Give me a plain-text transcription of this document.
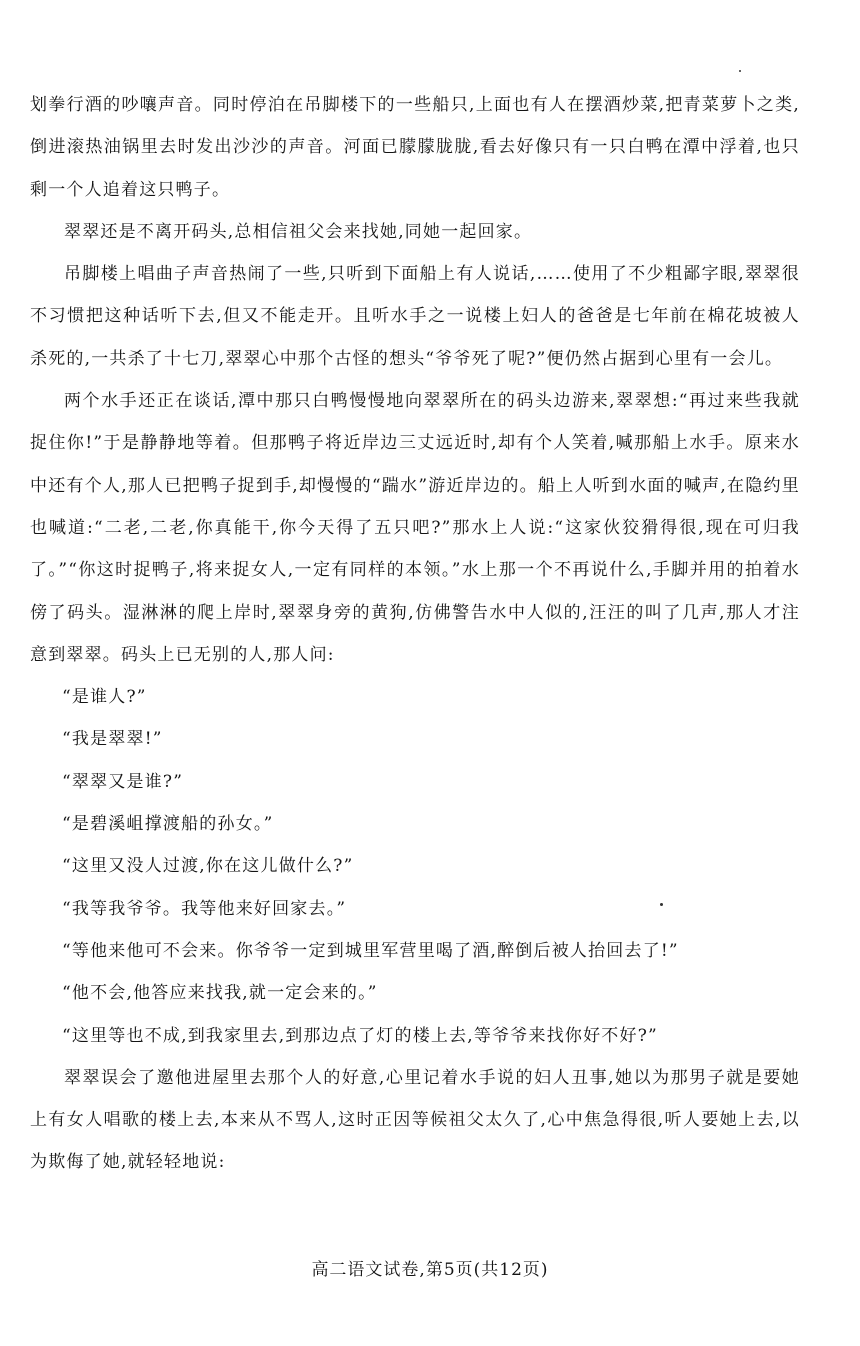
划拳行酒的吵嚷声音。同时停泊在吊脚楼下的一些船只,上面也有人在摆酒炒菜,把青菜萝卜之类,倒进滚热油锅里去时发出沙沙的声音。河面已朦朦胧胧,看去好像只有一只白鸭在潭中浮着,也只剩一个人追着这只鸭子。

翠翠还是不离开码头,总相信祖父会来找她,同她一起回家。

吊脚楼上唱曲子声音热闹了一些,只听到下面船上有人说话,……使用了不少粗鄙字眼,翠翠很不习惯把这种话听下去,但又不能走开。且听水手之一说楼上妇人的爸爸是七年前在棉花坡被人杀死的,一共杀了十七刀,翠翠心中那个古怪的想头“爷爷死了呢?”便仍然占据到心里有一会儿。

两个水手还正在谈话,潭中那只白鸭慢慢地向翠翠所在的码头边游来,翠翠想:“再过来些我就捉住你!”于是静静地等着。但那鸭子将近岸边三丈远近时,却有个人笑着,喊那船上水手。原来水中还有个人,那人已把鸭子捉到手,却慢慢的“踹水”游近岸边的。船上人听到水面的喊声,在隐约里也喊道:“二老,二老,你真能干,你今天得了五只吧?”那水上人说:“这家伙狡猾得很,现在可归我了。”“你这时捉鸭子,将来捉女人,一定有同样的本领。”水上那一个不再说什么,手脚并用的拍着水傍了码头。湿淋淋的爬上岸时,翠翠身旁的黄狗,仿佛警告水中人似的,汪汪的叫了几声,那人才注意到翠翠。码头上已无别的人,那人问:

“是谁人?”

“我是翠翠!”

“翠翠又是谁?”

“是碧溪岨撑渡船的孙女。”

“这里又没人过渡,你在这儿做什么?”

“我等我爷爷。我等他来好回家去。”

“等他来他可不会来。你爷爷一定到城里军营里喝了酒,醉倒后被人抬回去了!”

“他不会,他答应来找我,就一定会来的。”

“这里等也不成,到我家里去,到那边点了灯的楼上去,等爷爷来找你好不好?”

翠翠误会了邀他进屋里去那个人的好意,心里记着水手说的妇人丑事,她以为那男子就是要她上有女人唱歌的楼上去,本来从不骂人,这时正因等候祖父太久了,心中焦急得很,听人要她上去,以为欺侮了她,就轻轻地说:

高二语文试卷,第5页(共12页)
